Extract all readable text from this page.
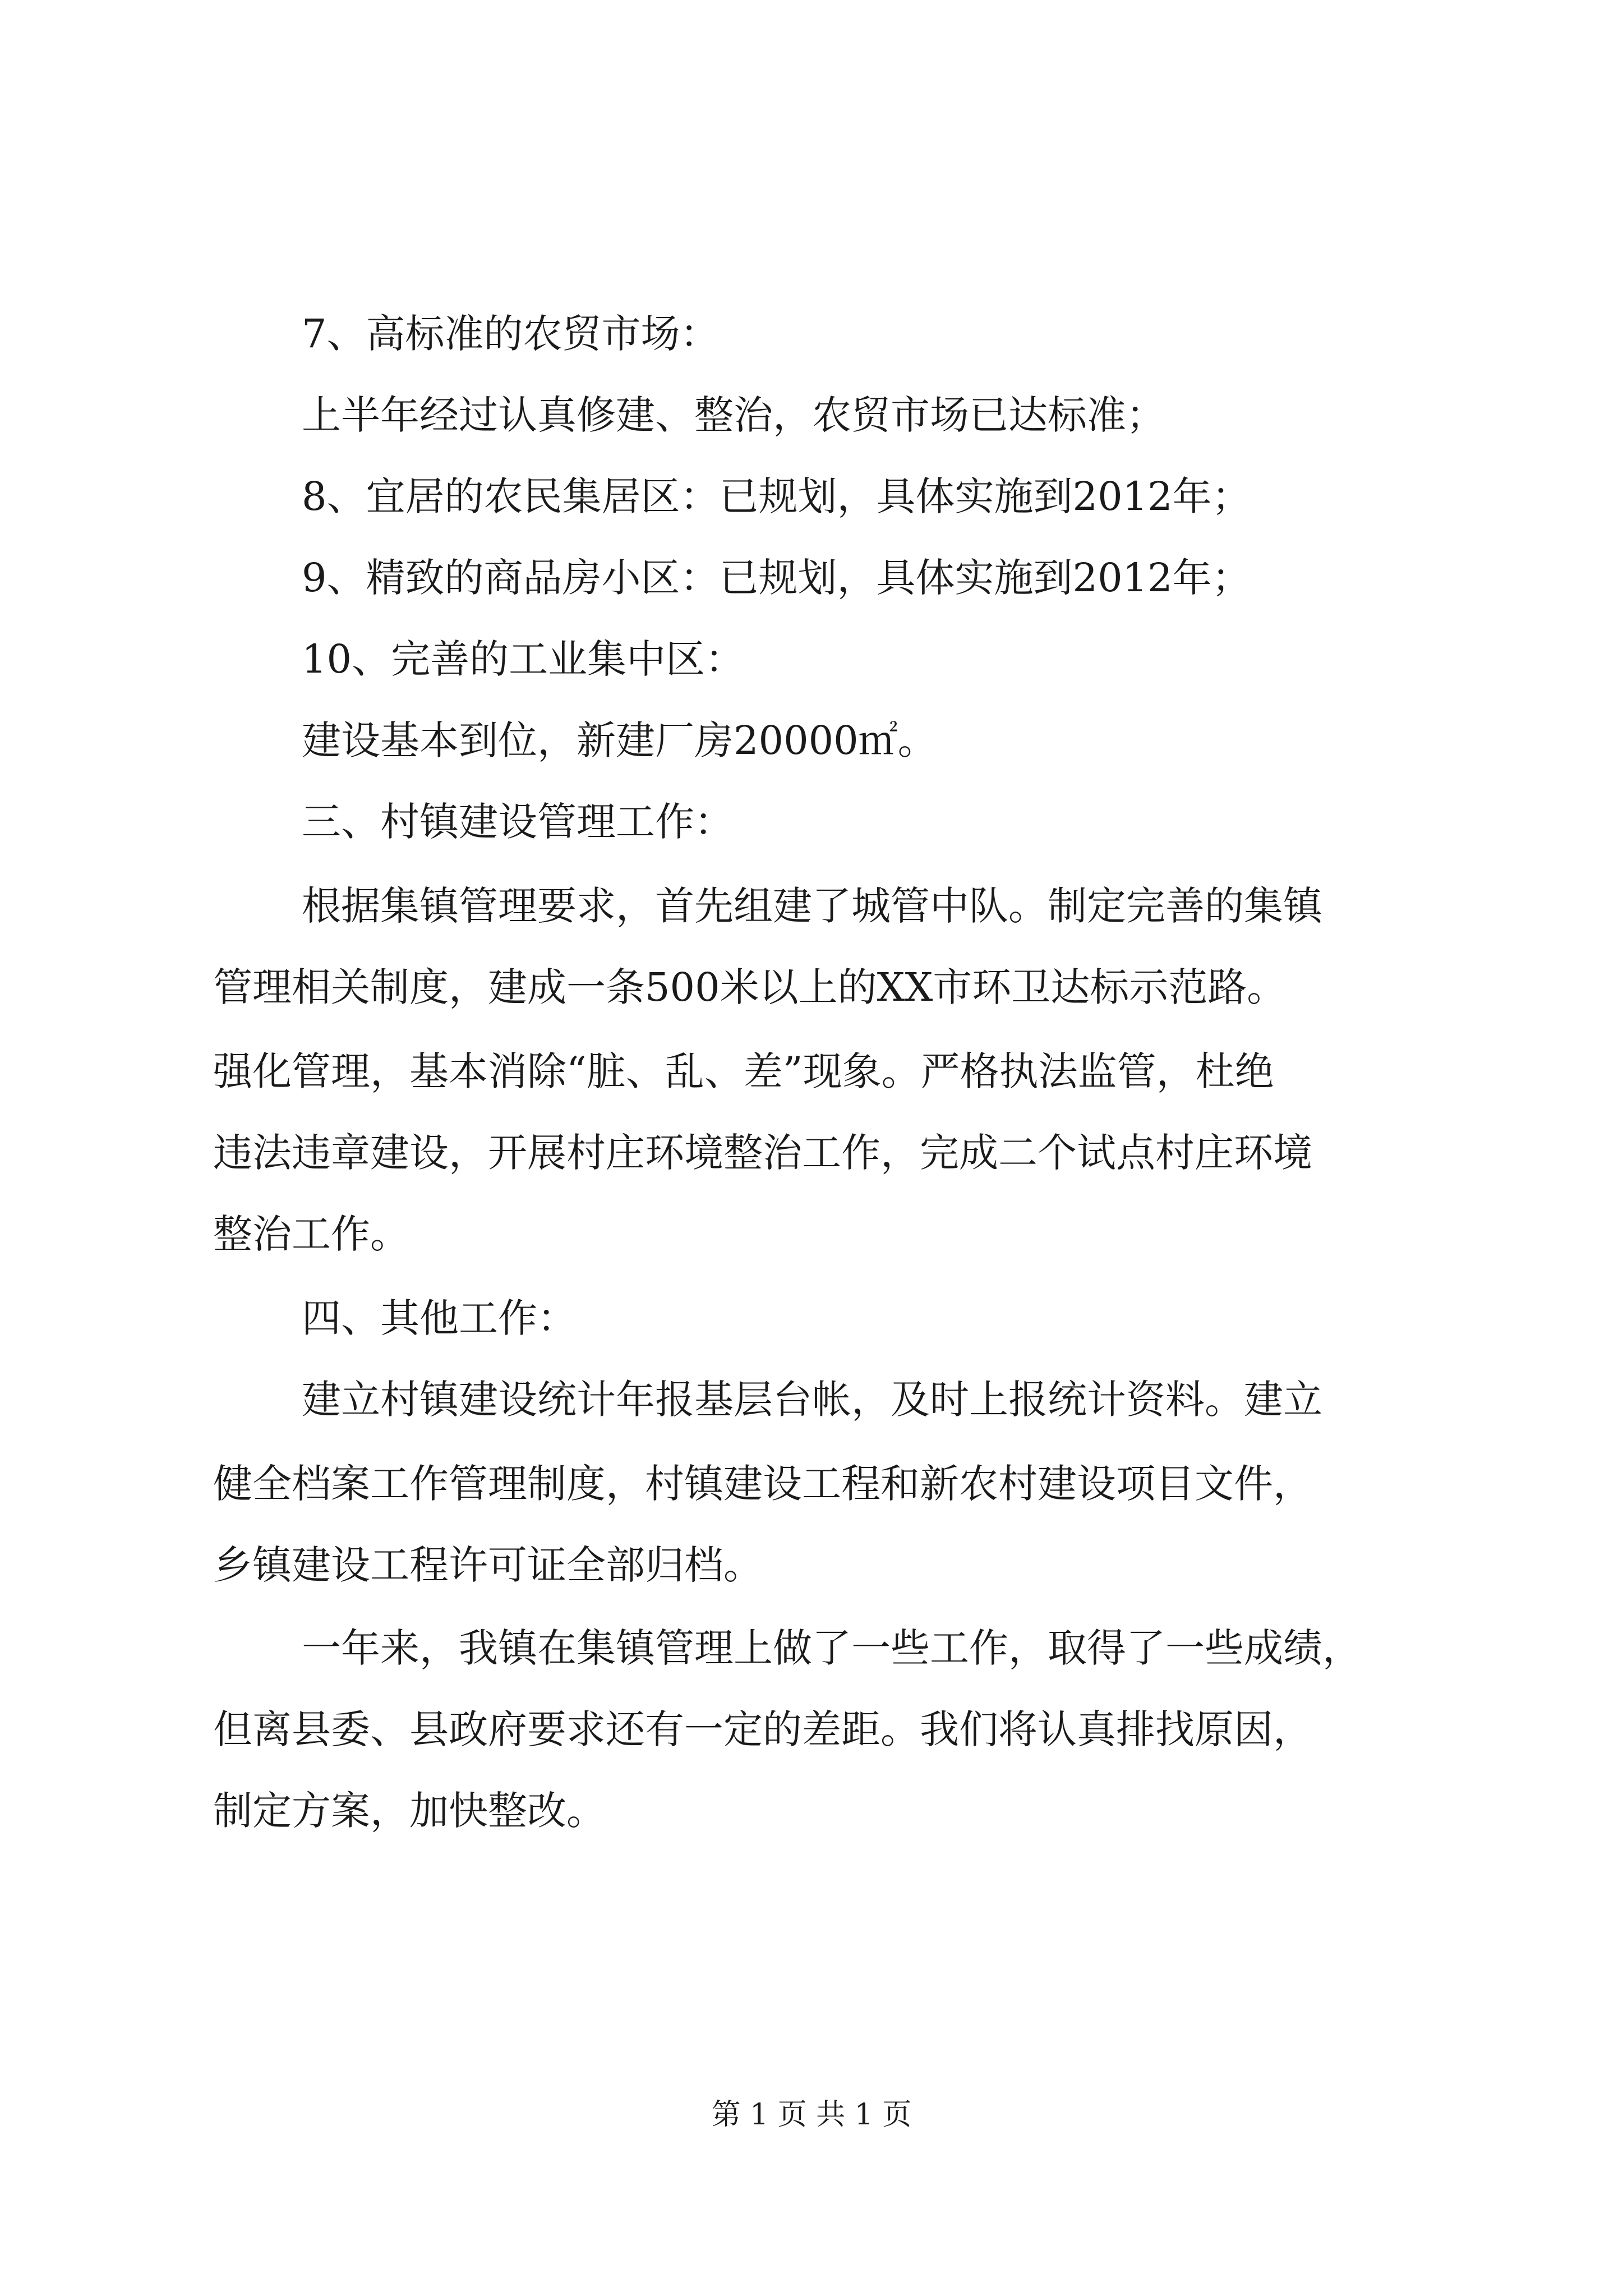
7、高标准的农贸市场：

上半年经过认真修建、整治，农贸市场已达标准；

8、宜居的农民集居区：已规划，具体实施到2012年；

9、精致的商品房小区：已规划，具体实施到2012年；

10、完善的工业集中区：

建设基本到位，新建厂房20000㎡。

三、村镇建设管理工作：

根据集镇管理要求，首先组建了城管中队。制定完善的集镇

管理相关制度，建成一条500米以上的XX市环卫达标示范路。

强化管理，基本消除“脏、乱、差”现象。严格执法监管，杜绝

违法违章建设，开展村庄环境整治工作，完成二个试点村庄环境

整治工作。

四、其他工作：

建立村镇建设统计年报基层台帐，及时上报统计资料。建立

健全档案工作管理制度，村镇建设工程和新农村建设项目文件，

乡镇建设工程许可证全部归档。

一年来，我镇在集镇管理上做了一些工作，取得了一些成绩，

但离县委、县政府要求还有一定的差距。我们将认真排找原因，

制定方案，加快整改。

第 1 页 共 1 页
